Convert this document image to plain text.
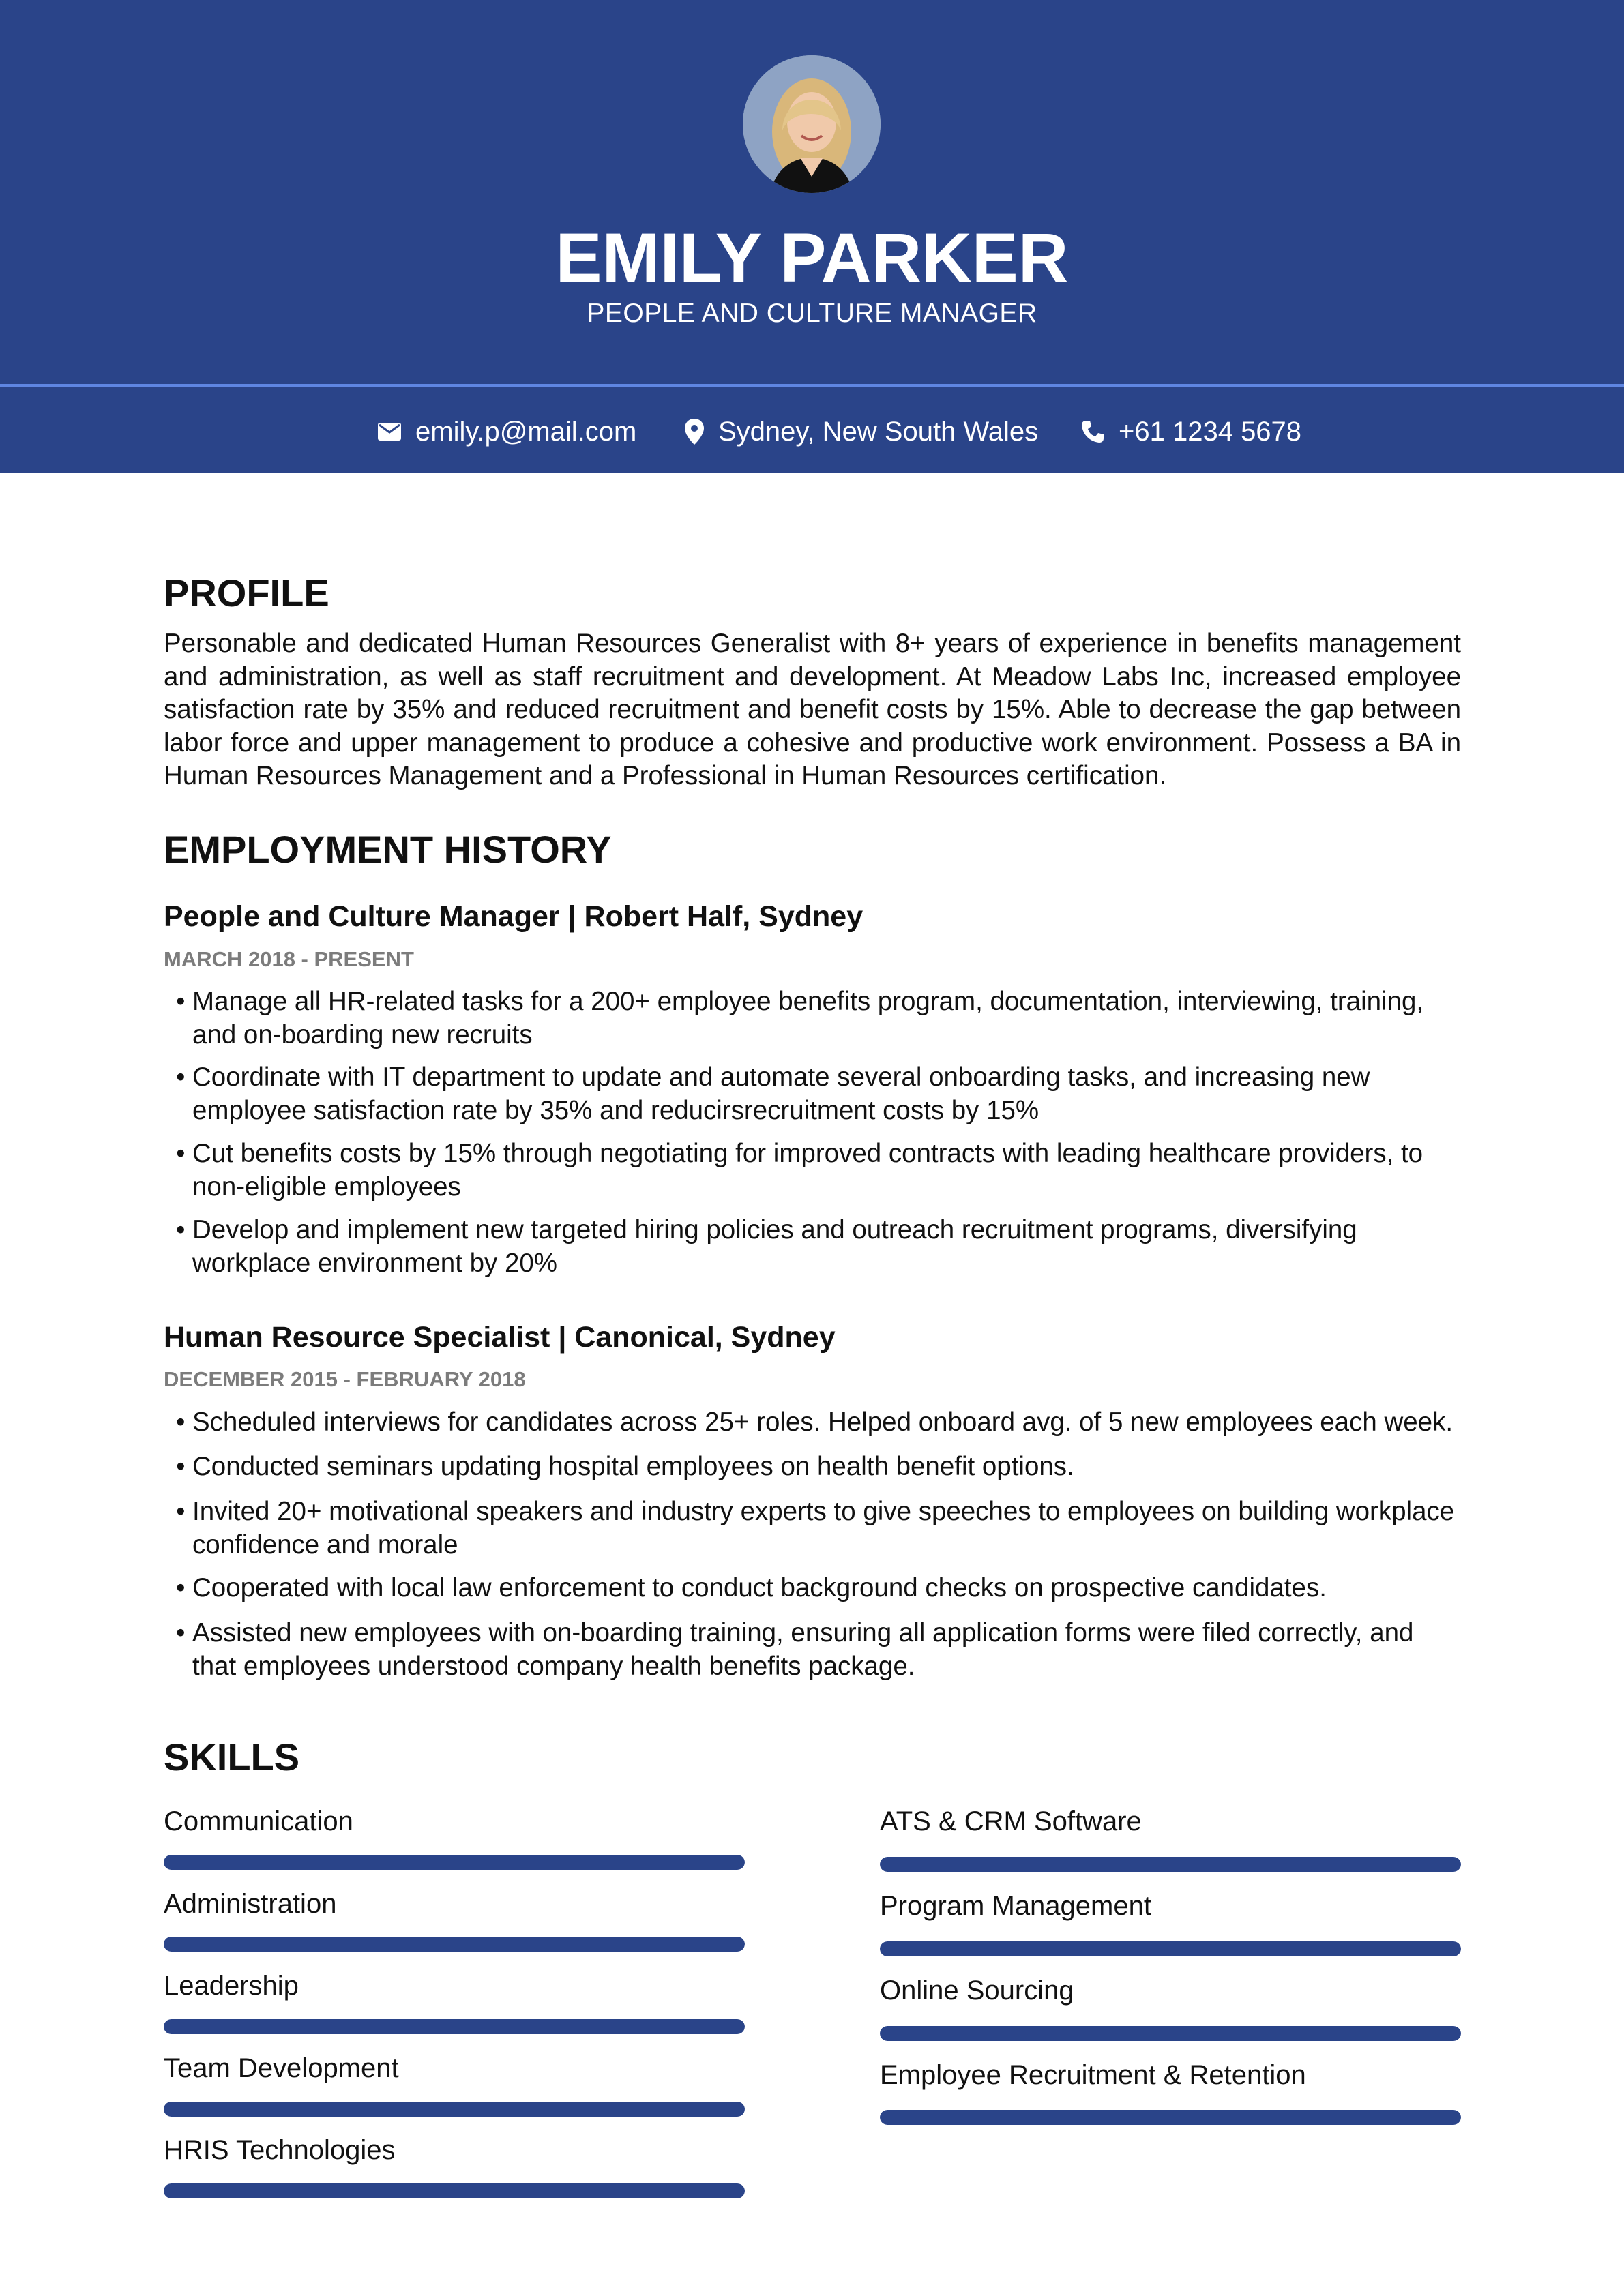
EMILY PARKER
PEOPLE AND CULTURE MANAGER
emily.p@mail.com	Sydney, New South Wales	+61 1234 5678
PROFILE
Personable and dedicated Human Resources Generalist with 8+ years of experience in benefits management and administration, as well as staff recruitment and development. At Meadow Labs Inc, increased employee satisfaction rate by 35% and reduced recruitment and benefit costs by 15%. Able to decrease the gap between labor force and upper management to produce a cohesive and productive work environment. Possess a BA in Human Resources Management and a Professional in Human Resources certification.
EMPLOYMENT HISTORY
People and Culture Manager | Robert Half, Sydney
MARCH 2018 - PRESENT
• Manage all HR-related tasks for a 200+ employee benefits program, documentation, interviewing, training, and on-boarding new recruits
• Coordinate with IT department to update and automate several onboarding tasks, and increasing new employee satisfaction rate by 35% and reducirsrecruitment costs by 15%
• Cut benefits costs by 15% through negotiating for improved contracts with leading healthcare providers, to non-eligible employees
• Develop and implement new targeted hiring policies and outreach recruitment programs, diversifying workplace environment by 20%
Human Resource Specialist | Canonical, Sydney
DECEMBER 2015 - FEBRUARY 2018
• Scheduled interviews for candidates across 25+ roles. Helped onboard avg. of 5 new employees each week.
• Conducted seminars updating hospital employees on health benefit options.
• Invited 20+ motivational speakers and industry experts to give speeches to employees on building workplace confidence and morale
• Cooperated with local law enforcement to conduct background checks on prospective candidates.
• Assisted new employees with on-boarding training, ensuring all application forms were filed correctly, and that employees understood company health benefits package.
SKILLS
Communication
Administration
Leadership
Team Development
HRIS Technologies
ATS & CRM Software
Program Management
Online Sourcing
Employee Recruitment & Retention
